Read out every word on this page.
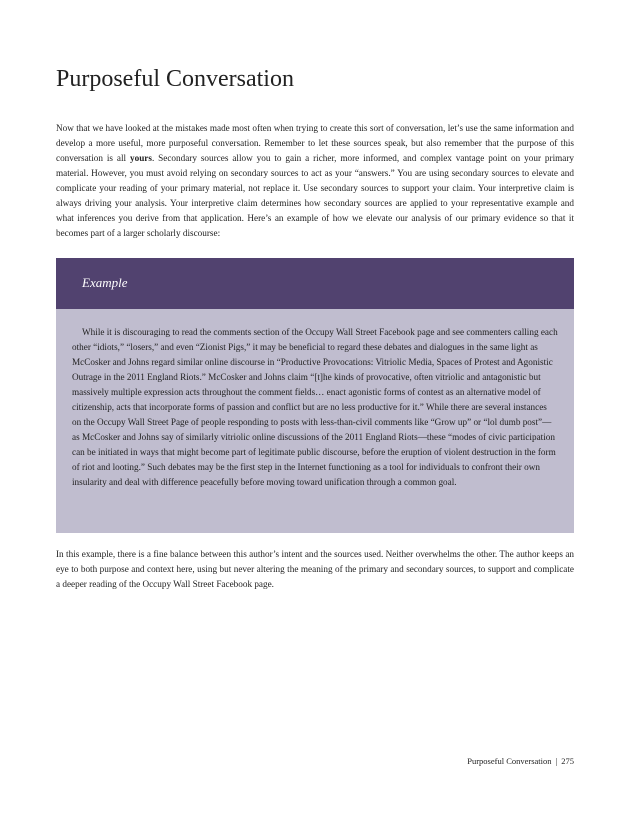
Purposeful Conversation

Now that we have looked at the mistakes made most often when trying to create this sort of conversation, let’s use the same information and develop a more useful, more purposeful conversation. Remember to let these sources speak, but also remember that the purpose of this conversation is all yours. Secondary sources allow you to gain a richer, more informed, and complex vantage point on your primary material. However, you must avoid relying on secondary sources to act as your “answers.” You are using secondary sources to elevate and complicate your reading of your primary material, not replace it. Use secondary sources to support your claim. Your interpretive claim is always driving your analysis. Your interpretive claim determines how secondary sources are applied to your representative example and what inferences you derive from that application. Here’s an example of how we elevate our analysis of our primary evidence so that it becomes part of a larger scholarly discourse:

Example

While it is discouraging to read the comments section of the Occupy Wall Street Facebook page and see commenters calling each other “idiots,” “losers,” and even “Zionist Pigs,” it may be beneficial to regard these debates and dialogues in the same light as McCosker and Johns regard similar online discourse in “Productive Provocations: Vitriolic Media, Spaces of Protest and Agonistic Outrage in the 2011 England Riots.” McCosker and Johns claim “[t]he kinds of provocative, often vitriolic and antagonistic but massively multiple expression acts throughout the comment fields… enact agonistic forms of contest as an alternative model of citizenship, acts that incorporate forms of passion and conflict but are no less productive for it.” While there are several instances on the Occupy Wall Street Page of people responding to posts with less-than-civil comments like “Grow up” or “lol dumb post”—as McCosker and Johns say of similarly vitriolic online discussions of the 2011 England Riots—these “modes of civic participation can be initiated in ways that might become part of legitimate public discourse, before the eruption of violent destruction in the form of riot and looting.” Such debates may be the first step in the Internet functioning as a tool for individuals to confront their own insularity and deal with difference peacefully before moving toward unification through a common goal.

In this example, there is a fine balance between this author’s intent and the sources used. Neither overwhelms the other. The author keeps an eye to both purpose and context here, using but never altering the meaning of the primary and secondary sources, to support and complicate a deeper reading of the Occupy Wall Street Facebook page.

Purposeful Conversation | 275
